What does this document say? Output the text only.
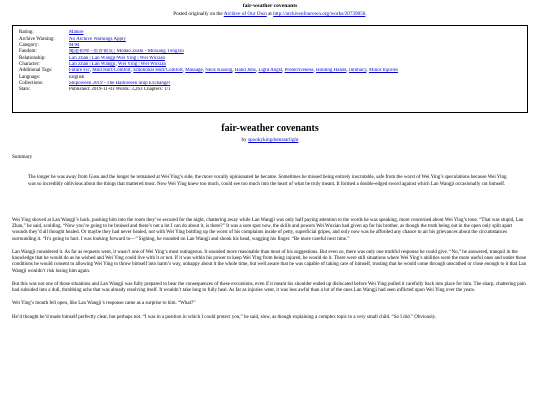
fair-weather covenants
Posted originally on the Archive of Our Own at http://archiveofourown.org/works/20739050.
Rating:	Mature
Archive Warning:	No Archive Warnings Apply
Category:	M/M
Fandom:	魔道祖师 - 墨香铜臭 | Módào Zǔshī - Mòxiāng Tóngxiù
Relationship:	Lán Zhàn | Lán Wàngjī/Wèi Yīng | Wèi Wúxiàn
Character:	Lán Zhàn | Lán Wàngjī, Wèi Yīng | Wèi Wúxiàn
Additional Tags:	Future Fic, Mild Hurt/Comfort, Emotional Hurt/Comfort, Massage, Neck Kissing, Hand Jobs, Light Angst, Protectiveness, Holding Hands, Intimacy, Minor Injuries
Language:	English
Collections:	Shipoween 2019 - The Halloween Ship Exchange!
Stats:	Published: 2019-11-03 Words: 3,263 Chapters: 1/1
fair-weather covenants
by spookykingdomstarlight
Summary
The longer he was away from Gusu and the longer he remained at Wei Ying’s side, the more vocally opinionated he became. Sometimes he missed being entirely inscrutable, safe from the worst of Wei Ying’s speculations because Wei Ying was so incredibly oblivious about the things that mattered most. Now Wei Ying knew too much, could see too much into the heart of what he truly meant. It formed a double-edged sword against which Lan Wangji occasionally cut himself.

Wei Ying shoved at Lan Wangji’s back, pushing him into the room they’ve secured for the night, chattering away while Lan Wangji was only half paying attention to the words he was speaking, more concerned about Wei Ying’s tone. “That was stupid, Lan Zhan,” he said, scolding. “Now you’re going to be bruised and there’s not a lot I can do about it, is there?” It was a sore spot now, the skills and powers Wei Wuxian had given up for his brother, as though the truth being out in the open only split apart wounds they’d all thought healed. Or maybe they had never healed, not with Wei Ying bottling up the worst of his complaints inside of petty, superficial gripes, and only now was he afforded any chance to air his grievances about the circumstances surrounding it. “It’s going to hurt. I was looking forward to—” Sighing, he rounded on Lan Wangji and shook his head, wagging his finger. “Be more careful next time.”

Lan Wangji considered it. As far as requests went, it wasn’t one of Wei Ying’s most outrageous. It sounded more reasonable than most of his suggestions. But even so, there was only one truthful response he could give. “No,” he answered, tranquil in the knowledge that he would do as he wished and Wei Ying could live with it or not. If it was within his power to keep Wei Ying from being injured, he would do it. There were still situations where Wei Ying’s abilities were the more useful ones and under those conditions he would consent to allowing Wei Ying to throw himself into harm’s way, unhappy about it the whole time, but well aware that he was capable of taking care of himself, trusting that he would come through unscathed or close enough to it that Lan Wangji wouldn’t risk losing him again.

But this was not one of those situations and Lan Wangji was fully prepared to bear the consequences of these excursions, even if it meant his shoulder ended up dislocated before Wei Ying pulled it carefully back into place for him. The sharp, chattering pain had subsided into a dull, throbbing ache that was already resolving itself. It wouldn’t take long to fully heal. As far as injuries went, it was less awful than a lot of the ones Lan Wangji had seen inflicted upon Wei Ying over the years.

Wei Ying’s mouth fell open, like Lan Wangji’s response came as a surprise to him. “What?”

He’d thought he’d made himself perfectly clear, but perhaps not. “I was in a position in which I could protect you,” he said, slow, as though explaining a complex topic to a very small child. “So I did.” Obviously.
